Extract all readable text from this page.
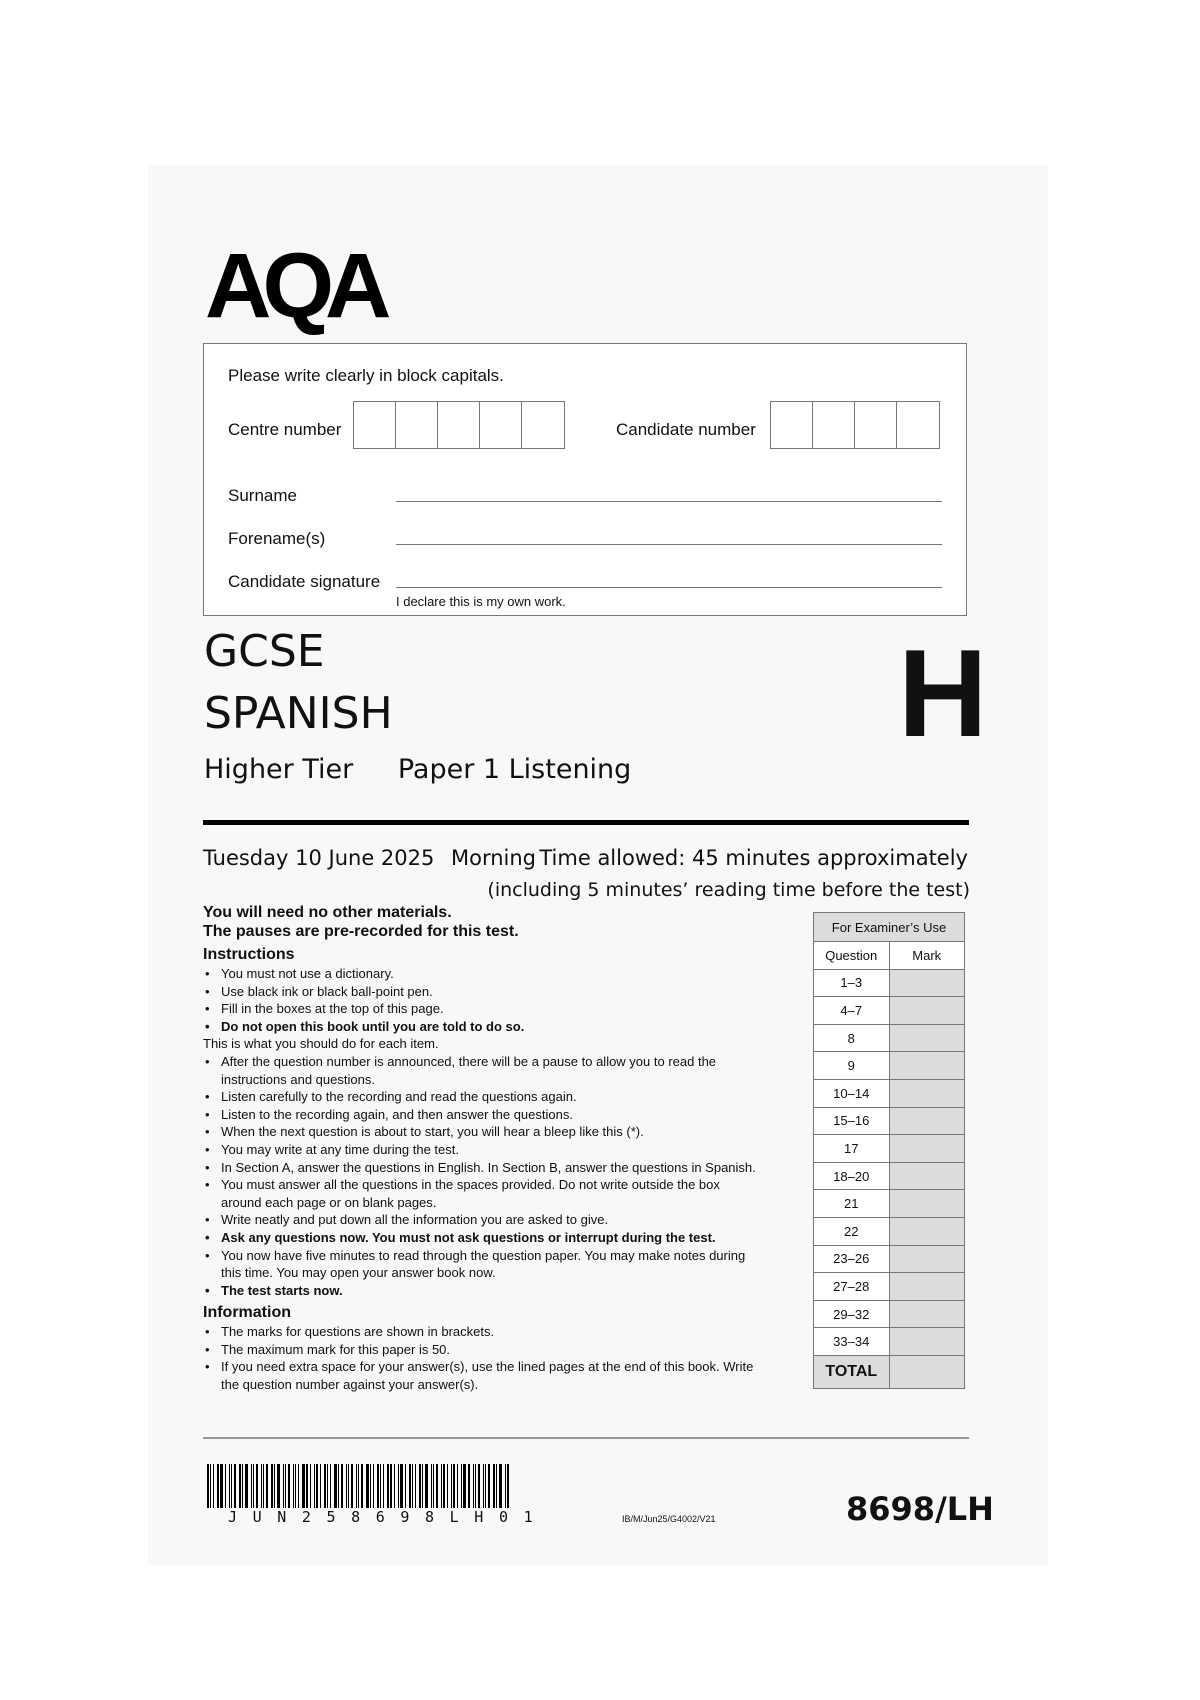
AQA
Please write clearly in block capitals.
Centre number	Candidate number
Surname
Forename(s)
Candidate signature
I declare this is my own work.
GCSE
SPANISH
Higher Tier Paper 1 Listening
H
Tuesday 10 June 2025 Morning Time allowed: 45 minutes approximately
(including 5 minutes’ reading time before the test)
You will need no other materials.
The pauses are pre-recorded for this test.
Instructions
• You must not use a dictionary.
• Use black ink or black ball-point pen.
• Fill in the boxes at the top of this page.
• Do not open this book until you are told to do so.
This is what you should do for each item.
• After the question number is announced, there will be a pause to allow you to read the instructions and questions.
• Listen carefully to the recording and read the questions again.
• Listen to the recording again, and then answer the questions.
• When the next question is about to start, you will hear a bleep like this (*).
• You may write at any time during the test.
• In Section A, answer the questions in English. In Section B, answer the questions in Spanish.
• You must answer all the questions in the spaces provided. Do not write outside the box around each page or on blank pages.
• Write neatly and put down all the information you are asked to give.
• Ask any questions now. You must not ask questions or interrupt during the test.
• You now have five minutes to read through the question paper. You may make notes during this time. You may open your answer book now.
• The test starts now.
Information
• The marks for questions are shown in brackets.
• The maximum mark for this paper is 50.
• If you need extra space for your answer(s), use the lined pages at the end of this book. Write the question number against your answer(s).
For Examiner’s Use	
Question	Mark
1–3	
4–7	
8	
9	
10–14	
15–16	
17	
18–20	
21	
22	
23–26	
27–28	
29–32	
33–34	
TOTAL	
JUN258698LH01	IB/M/Jun25/G4002/V21	8698/LH
